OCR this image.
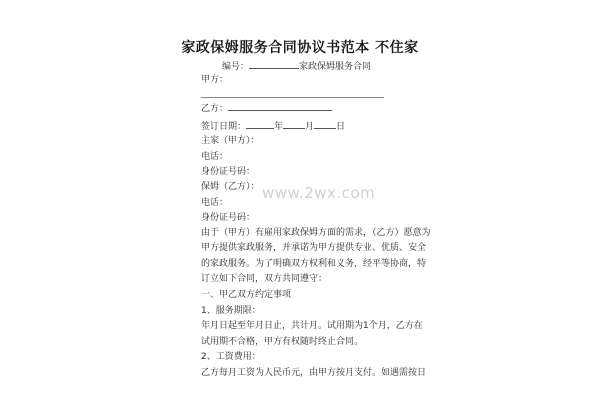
家政保姆服务合同协议书范本 不住家
编号：	家政保姆服务合同
甲方：
乙方：
签订日期：	年 月 日
主家（甲方）：
电话：
身份证号码：
保姆（乙方）：
电话：
身份证号码：
由于（甲方）有雇用家政保姆方面的需求，（乙方）愿意为
甲方提供家政服务，并承诺为甲方提供专业、优质、安全
的家政服务。为了明确双方权利和义务，经平等协商，特
订立如下合同，双方共同遵守：
一、甲乙双方约定事项
1、服务期限：
年月日起至年月日止，共计月。试用期为1个月，乙方在
试用期不合格，甲方有权随时终止合同。
2、工资费用：
乙方每月工资为人民币元，由甲方按月支付。如遇需按日
www.2wx.com
